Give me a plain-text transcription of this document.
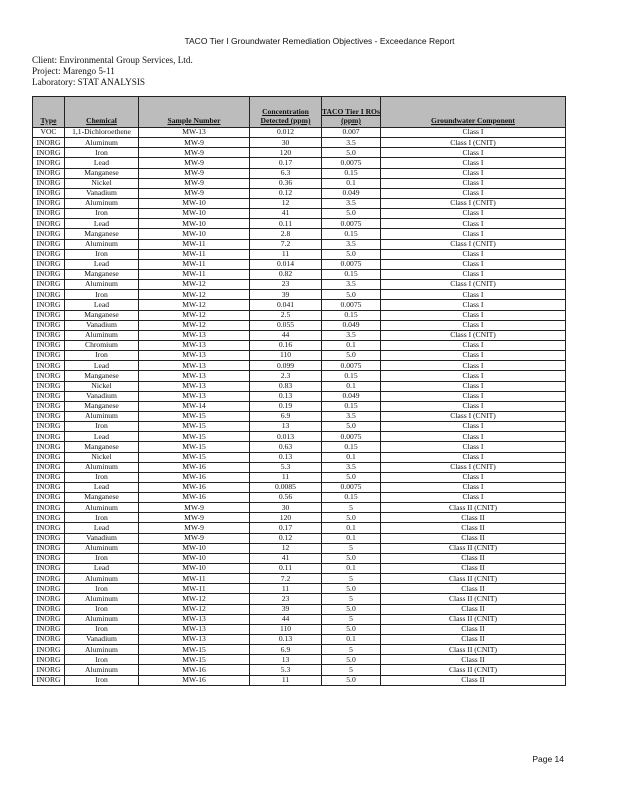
TACO Tier I Groundwater Remediation Objectives - Exceedance Report
Client: Environmental Group Services, Ltd.
Project: Marengo 5-11
Laboratory: STAT ANALYSIS
Type	Chemical	Sample Number	Concentration Detected (ppm)	TACO Tier I ROs (ppm)	Groundwater Component
VOC	1,1-Dichloroethene	MW-13	0.012	0.007	Class I
INORG	Aluminum	MW-9	30	3.5	Class I (CNIT)
INORG	Iron	MW-9	120	5.0	Class I
INORG	Lead	MW-9	0.17	0.0075	Class I
INORG	Manganese	MW-9	6.3	0.15	Class I
INORG	Nickel	MW-9	0.36	0.1	Class I
INORG	Vanadium	MW-9	0.12	0.049	Class I
INORG	Aluminum	MW-10	12	3.5	Class I (CNIT)
INORG	Iron	MW-10	41	5.0	Class I
INORG	Lead	MW-10	0.11	0.0075	Class I
INORG	Manganese	MW-10	2.8	0.15	Class I
INORG	Aluminum	MW-11	7.2	3.5	Class I (CNIT)
INORG	Iron	MW-11	11	5.0	Class I
INORG	Lead	MW-11	0.014	0.0075	Class I
INORG	Manganese	MW-11	0.82	0.15	Class I
INORG	Aluminum	MW-12	23	3.5	Class I (CNIT)
INORG	Iron	MW-12	39	5.0	Class I
INORG	Lead	MW-12	0.041	0.0075	Class I
INORG	Manganese	MW-12	2.5	0.15	Class I
INORG	Vanadium	MW-12	0.055	0.049	Class I
INORG	Aluminum	MW-13	44	3.5	Class I (CNIT)
INORG	Chromium	MW-13	0.16	0.1	Class I
INORG	Iron	MW-13	110	5.0	Class I
INORG	Lead	MW-13	0.099	0.0075	Class I
INORG	Manganese	MW-13	2.3	0.15	Class I
INORG	Nickel	MW-13	0.83	0.1	Class I
INORG	Vanadium	MW-13	0.13	0.049	Class I
INORG	Manganese	MW-14	0.19	0.15	Class I
INORG	Aluminum	MW-15	6.9	3.5	Class I (CNIT)
INORG	Iron	MW-15	13	5.0	Class I
INORG	Lead	MW-15	0.013	0.0075	Class I
INORG	Manganese	MW-15	0.63	0.15	Class I
INORG	Nickel	MW-15	0.13	0.1	Class I
INORG	Aluminum	MW-16	5.3	3.5	Class I (CNIT)
INORG	Iron	MW-16	11	5.0	Class I
INORG	Lead	MW-16	0.0085	0.0075	Class I
INORG	Manganese	MW-16	0.56	0.15	Class I
INORG	Aluminum	MW-9	30	5	Class II (CNIT)
INORG	Iron	MW-9	120	5.0	Class II
INORG	Lead	MW-9	0.17	0.1	Class II
INORG	Vanadium	MW-9	0.12	0.1	Class II
INORG	Aluminum	MW-10	12	5	Class II (CNIT)
INORG	Iron	MW-10	41	5.0	Class II
INORG	Lead	MW-10	0.11	0.1	Class II
INORG	Aluminum	MW-11	7.2	5	Class II (CNIT)
INORG	Iron	MW-11	11	5.0	Class II
INORG	Aluminum	MW-12	23	5	Class II (CNIT)
INORG	Iron	MW-12	39	5.0	Class II
INORG	Aluminum	MW-13	44	5	Class II (CNIT)
INORG	Iron	MW-13	110	5.0	Class II
INORG	Vanadium	MW-13	0.13	0.1	Class II
INORG	Aluminum	MW-15	6.9	5	Class II (CNIT)
INORG	Iron	MW-15	13	5.0	Class II
INORG	Aluminum	MW-16	5.3	5	Class II (CNIT)
INORG	Iron	MW-16	11	5.0	Class II
Page 14
